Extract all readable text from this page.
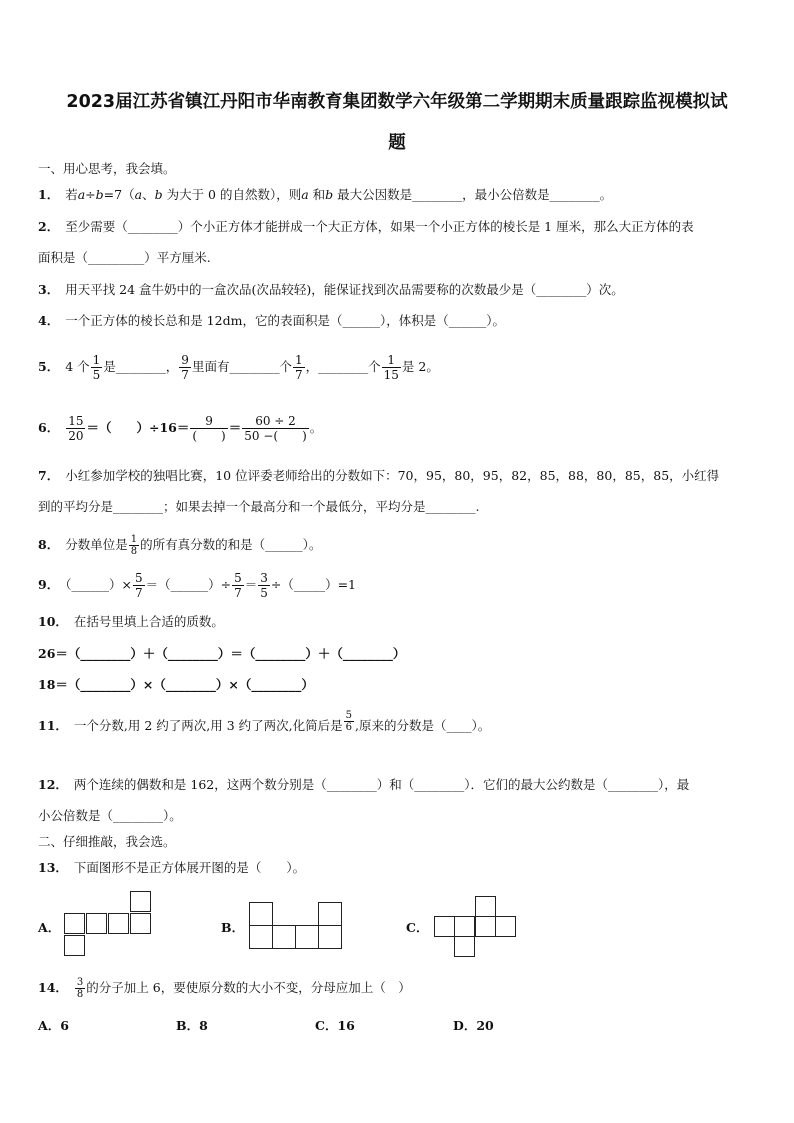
2023届江苏省镇江丹阳市华南教育集团数学六年级第二学期期末质量跟踪监视模拟试
题
一、用心思考，我会填。
1． 若a÷b=7（a、b 为大于 0 的自然数），则a 和b 最大公因数是________，最小公倍数是________。
2． 至少需要（________）个小正方体才能拼成一个大正方体，如果一个小正方体的棱长是 1 厘米，那么大正方体的表
面积是（_________）平方厘米.
3． 用天平找 24 盒牛奶中的一盒次品(次品较轻)，能保证找到次品需要称的次数最少是（________）次。
4． 一个正方体的棱长总和是 12dm，它的表面积是（______），体积是（______）。
5． 4 个 $\frac{1}{5}$ 是________， $\frac{9}{7}$ 里面有________个 $\frac{1}{7}$ ，________个 $\frac{1}{15}$ 是 2。
6． $\frac{15}{20}$ ＝（　　）$\div 16= \frac{9}{( )} = \frac{60 \div 2}{50 -( )}$ 。
7． 小红参加学校的独唱比赛，10 位评委老师给出的分数如下：70，95，80，95，82，85，88，80，85，85，小红得
到的平均分是________；如果去掉一个最高分和一个最低分，平均分是________.
8． 分数单位是 $\frac{1}{8}$ 的所有真分数的和是（______）。
9． （______）× $\frac{5}{7}$ ＝（______）÷ $\frac{5}{7} = \frac{3}{5}$ ÷（_____）=1
10． 在括号里填上合适的质数。
26＝（________）＋（________）＝（________）＋（________）
18＝（________）×（________）×（________）
11． 一个分数,用 2 约了两次,用 3 约了两次,化简后是 $\frac{5}{6}$ ,原来的分数是（____）。
12． 两个连续的偶数和是 162，这两个数分别是（________）和（________）．它们的最大公约数是（________），最
小公倍数是（________）。
二、仔细推敲，我会选。
13． 下面图形不是正方体展开图的是（　　）。
A．	B．	C．
14． $\frac{3}{8}$ 的分子加上 6，要使原分数的大小不变，分母应加上（　）
A．6	B．8	C．16	D．20
